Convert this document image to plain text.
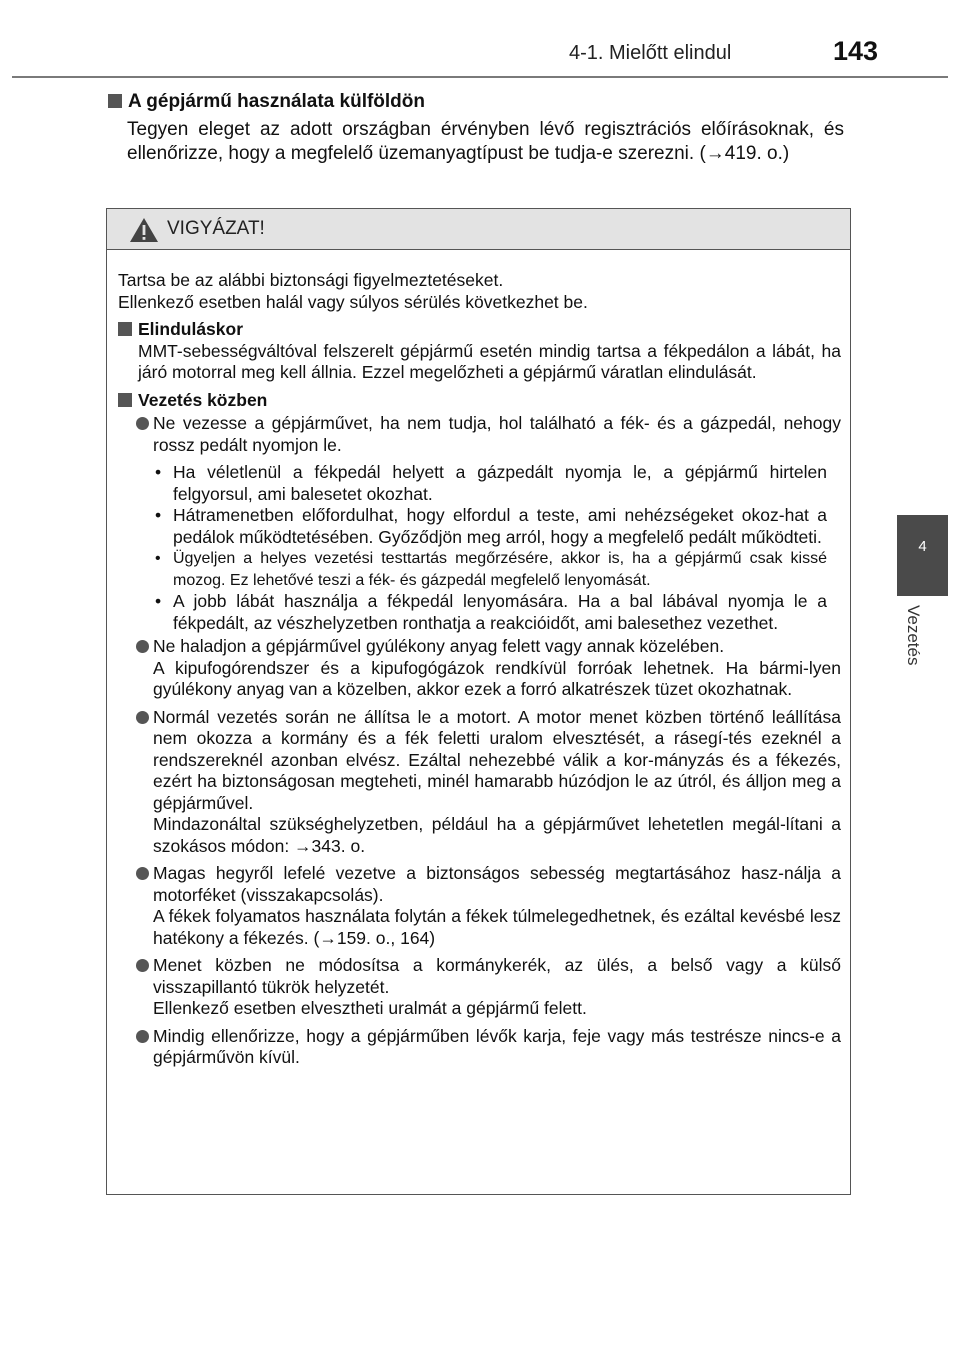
4-1. Mielőtt elindul	143
4
Vezetés
A gépjármű használata külföldön
Tegyen eleget az adott országban érvényben lévő regisztrációs előírásoknak, és ellenőrizze, hogy a megfelelő üzemanyagtípust be tudja-e szerezni. (→419. o.)
VIGYÁZAT!

Tartsa be az alábbi biztonsági figyelmeztetéseket.

Ellenkező esetben halál vagy súlyos sérülés következhet be.

Elinduláskor

MMT-sebességváltóval felszerelt gépjármű esetén mindig tartsa a fékpedálon a lábát, ha járó motorral meg kell állnia. Ezzel megelőzheti a gépjármű váratlan elindulását.

Vezetés közben
Ne vezesse a gépjárművet, ha nem tudja, hol található a fék- és a gázpedál, nehogy rossz pedált nyomjon le.
• Ha véletlenül a fékpedál helyett a gázpedált nyomja le, a gépjármű hirtelen felgyorsul, ami balesetet okozhat.
• Hátramenetben előfordulhat, hogy elfordul a teste, ami nehézségeket okoz-hat a pedálok működtetésében. Győződjön meg arról, hogy a megfelelő pedált működteti.
• Ügyeljen a helyes vezetési testtartás megőrzésére, akkor is, ha a gépjármű csak kissé mozog. Ez lehetővé teszi a fék- és gázpedál megfelelő lenyomását.
• A jobb lábát használja a fékpedál lenyomására. Ha a bal lábával nyomja le a fékpedált, az vészhelyzetben ronthatja a reakcióidőt, ami balesethez vezethet.
Ne haladjon a gépjárművel gyúlékony anyag felett vagy annak közelében.
A kipufogórendszer és a kipufogógázok rendkívül forróak lehetnek. Ha bármi-lyen gyúlékony anyag van a közelben, akkor ezek a forró alkatrészek tüzet okozhatnak.
Normál vezetés során ne állítsa le a motort. A motor menet közben történő leállítása nem okozza a kormány és a fék feletti uralom elvesztését, a rásegí-tés ezeknél a rendszereknél azonban elvész. Ezáltal nehezebbé válik a kor-mányzás és a fékezés, ezért ha biztonságosan megteheti, minél hamarabb húzódjon le az útról, és álljon meg a gépjárművel.
Mindazonáltal szükséghelyzetben, például ha a gépjárművet lehetetlen megál-lítani a szokásos módon: →343. o.
Magas hegyről lefelé vezetve a biztonságos sebesség megtartásához hasz-nálja a motorféket (visszakapcsolás).
A fékek folyamatos használata folytán a fékek túlmelegedhetnek, és ezáltal kevésbé lesz hatékony a fékezés. (→159. o., 164)
Menet közben ne módosítsa a kormánykerék, az ülés, a belső vagy a külső visszapillantó tükrök helyzetét.
Ellenkező esetben elvesztheti uralmát a gépjármű felett.
Mindig ellenőrizze, hogy a gépjárműben lévők karja, feje vagy más testrésze nincs-e a gépjárművön kívül.
